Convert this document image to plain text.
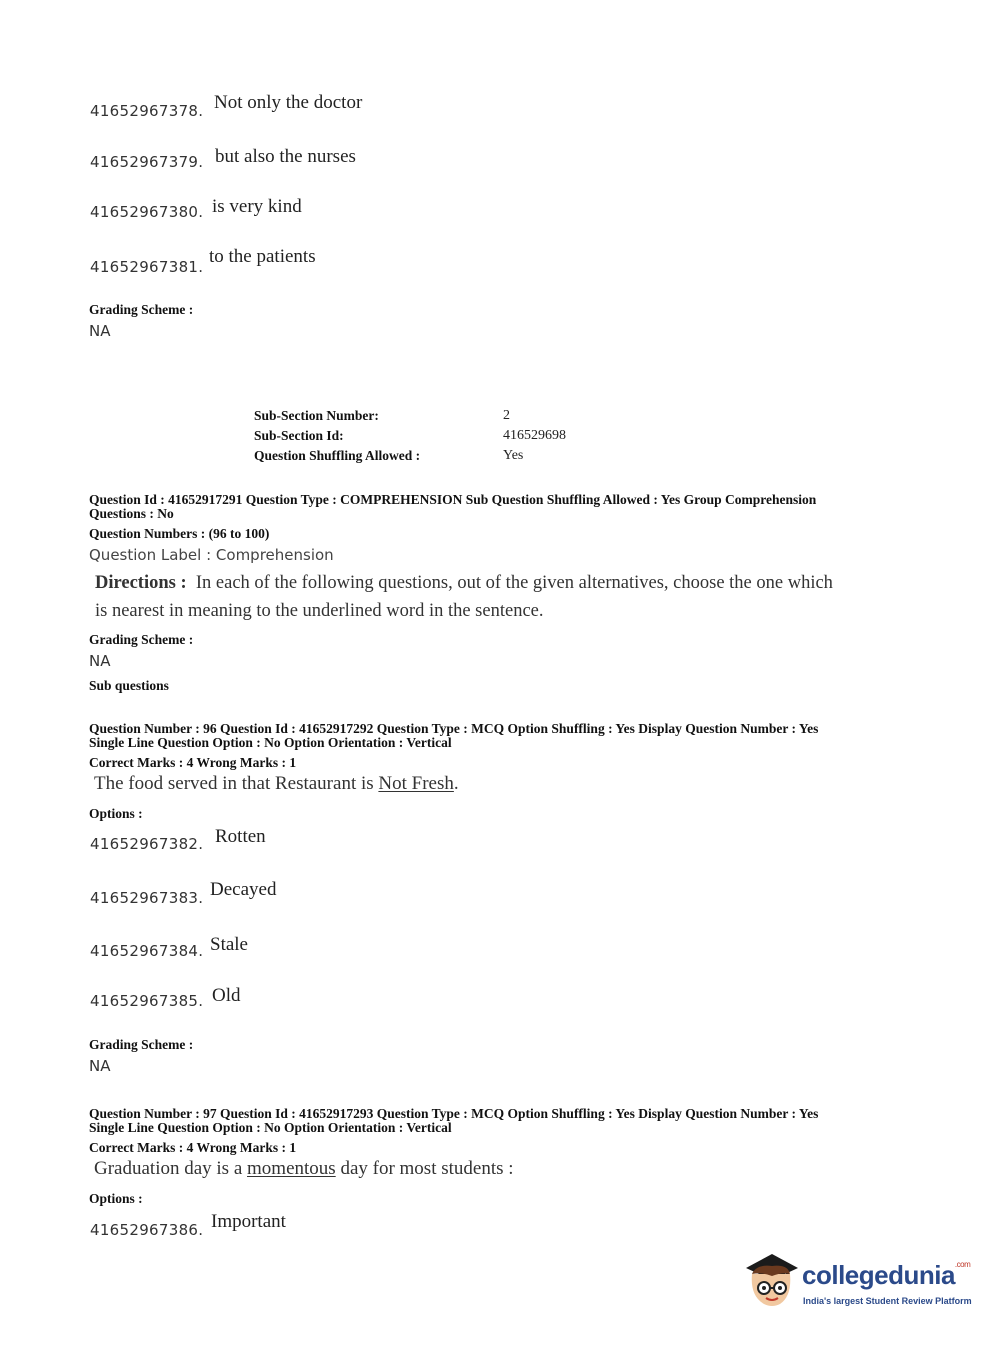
41652967378. Not only the doctor
41652967379. but also the nurses
41652967380. is very kind
41652967381. to the patients
Grading Scheme :
NA
Sub-Section Number:	2
Sub-Section Id:	416529698
Question Shuffling Allowed :	Yes
Question Id : 41652917291 Question Type : COMPREHENSION Sub Question Shuffling Allowed : Yes Group Comprehension
Questions : No
Question Numbers : (96 to 100)
Question Label : Comprehension
Directions : In each of the following questions, out of the given alternatives, choose the one which
is nearest in meaning to the underlined word in the sentence.
Grading Scheme :
NA
Sub questions
Question Number : 96 Question Id : 41652917292 Question Type : MCQ Option Shuffling : Yes Display Question Number : Yes
Single Line Question Option : No Option Orientation : Vertical
Correct Marks : 4 Wrong Marks : 1
The food served in that Restaurant is Not Fresh.
Options :
41652967382. Rotten
41652967383. Decayed
41652967384. Stale
41652967385. Old
Grading Scheme :
NA
Question Number : 97 Question Id : 41652917293 Question Type : MCQ Option Shuffling : Yes Display Question Number : Yes
Single Line Question Option : No Option Orientation : Vertical
Correct Marks : 4 Wrong Marks : 1
Graduation day is a momentous day for most students :
Options :
41652967386. Important
collegedunia$^{.com}$
India's largest Student Review Platform
